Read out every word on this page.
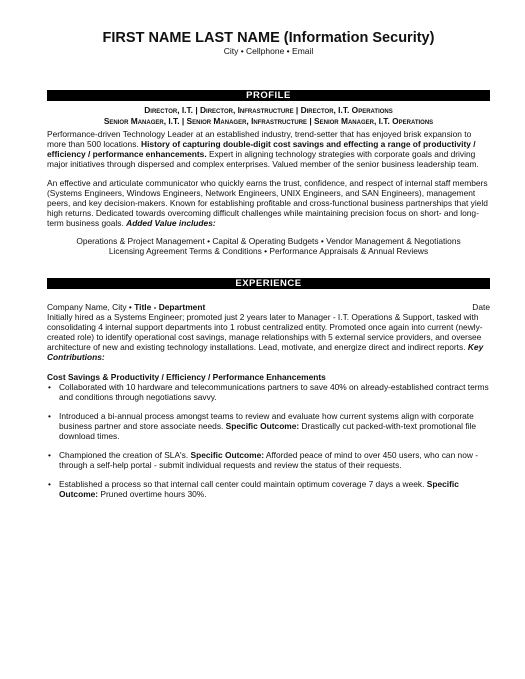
FIRST NAME LAST NAME (Information Security)
City • Cellphone • Email
PROFILE
Director, I.T. | Director, Infrastructure | Director, I.T. Operations
Senior Manager, I.T. | Senior Manager, Infrastructure | Senior Manager, I.T. Operations

Performance-driven Technology Leader at an established industry, trend-setter that has enjoyed brisk expansion to more than 500 locations. History of capturing double-digit cost savings and effecting a range of productivity / efficiency / performance enhancements. Expert in aligning technology strategies with corporate goals and driving major initiatives through dispersed and complex enterprises. Valued member of the senior business leadership team.

An effective and articulate communicator who quickly earns the trust, confidence, and respect of internal staff members (Systems Engineers, Windows Engineers, Network Engineers, UNIX Engineers, and SAN Engineers), management peers, and key decision-makers. Known for establishing profitable and cross-functional business partnerships that yield high returns. Dedicated towards overcoming difficult challenges while maintaining precision focus on short- and long-term business goals. Added Value includes:

Operations & Project Management • Capital & Operating Budgets • Vendor Management & Negotiations
Licensing Agreement Terms & Conditions • Performance Appraisals & Annual Reviews
EXPERIENCE
Company Name, City • Title - Department	Date

Initially hired as a Systems Engineer; promoted just 2 years later to Manager - I.T. Operations & Support, tasked with consolidating 4 internal support departments into 1 robust centralized entity. Promoted once again into current (newly-created role) to identify operational cost savings, manage relationships with 5 external service providers, and oversee architecture of new and existing technology installations. Lead, motivate, and energize direct and indirect reports. Key Contributions:

Cost Savings & Productivity / Efficiency / Performance Enhancements
• Collaborated with 10 hardware and telecommunications partners to save 40% on already-established contract terms and conditions through negotiations savvy.
• Introduced a bi-annual process amongst teams to review and evaluate how current systems align with corporate business partner and store associate needs. Specific Outcome: Drastically cut packed-with-text promotional file download times.
• Championed the creation of SLA's. Specific Outcome: Afforded peace of mind to over 450 users, who can now - through a self-help portal - submit individual requests and review the status of their requests.
• Established a process so that internal call center could maintain optimum coverage 7 days a week. Specific Outcome: Pruned overtime hours 30%.
